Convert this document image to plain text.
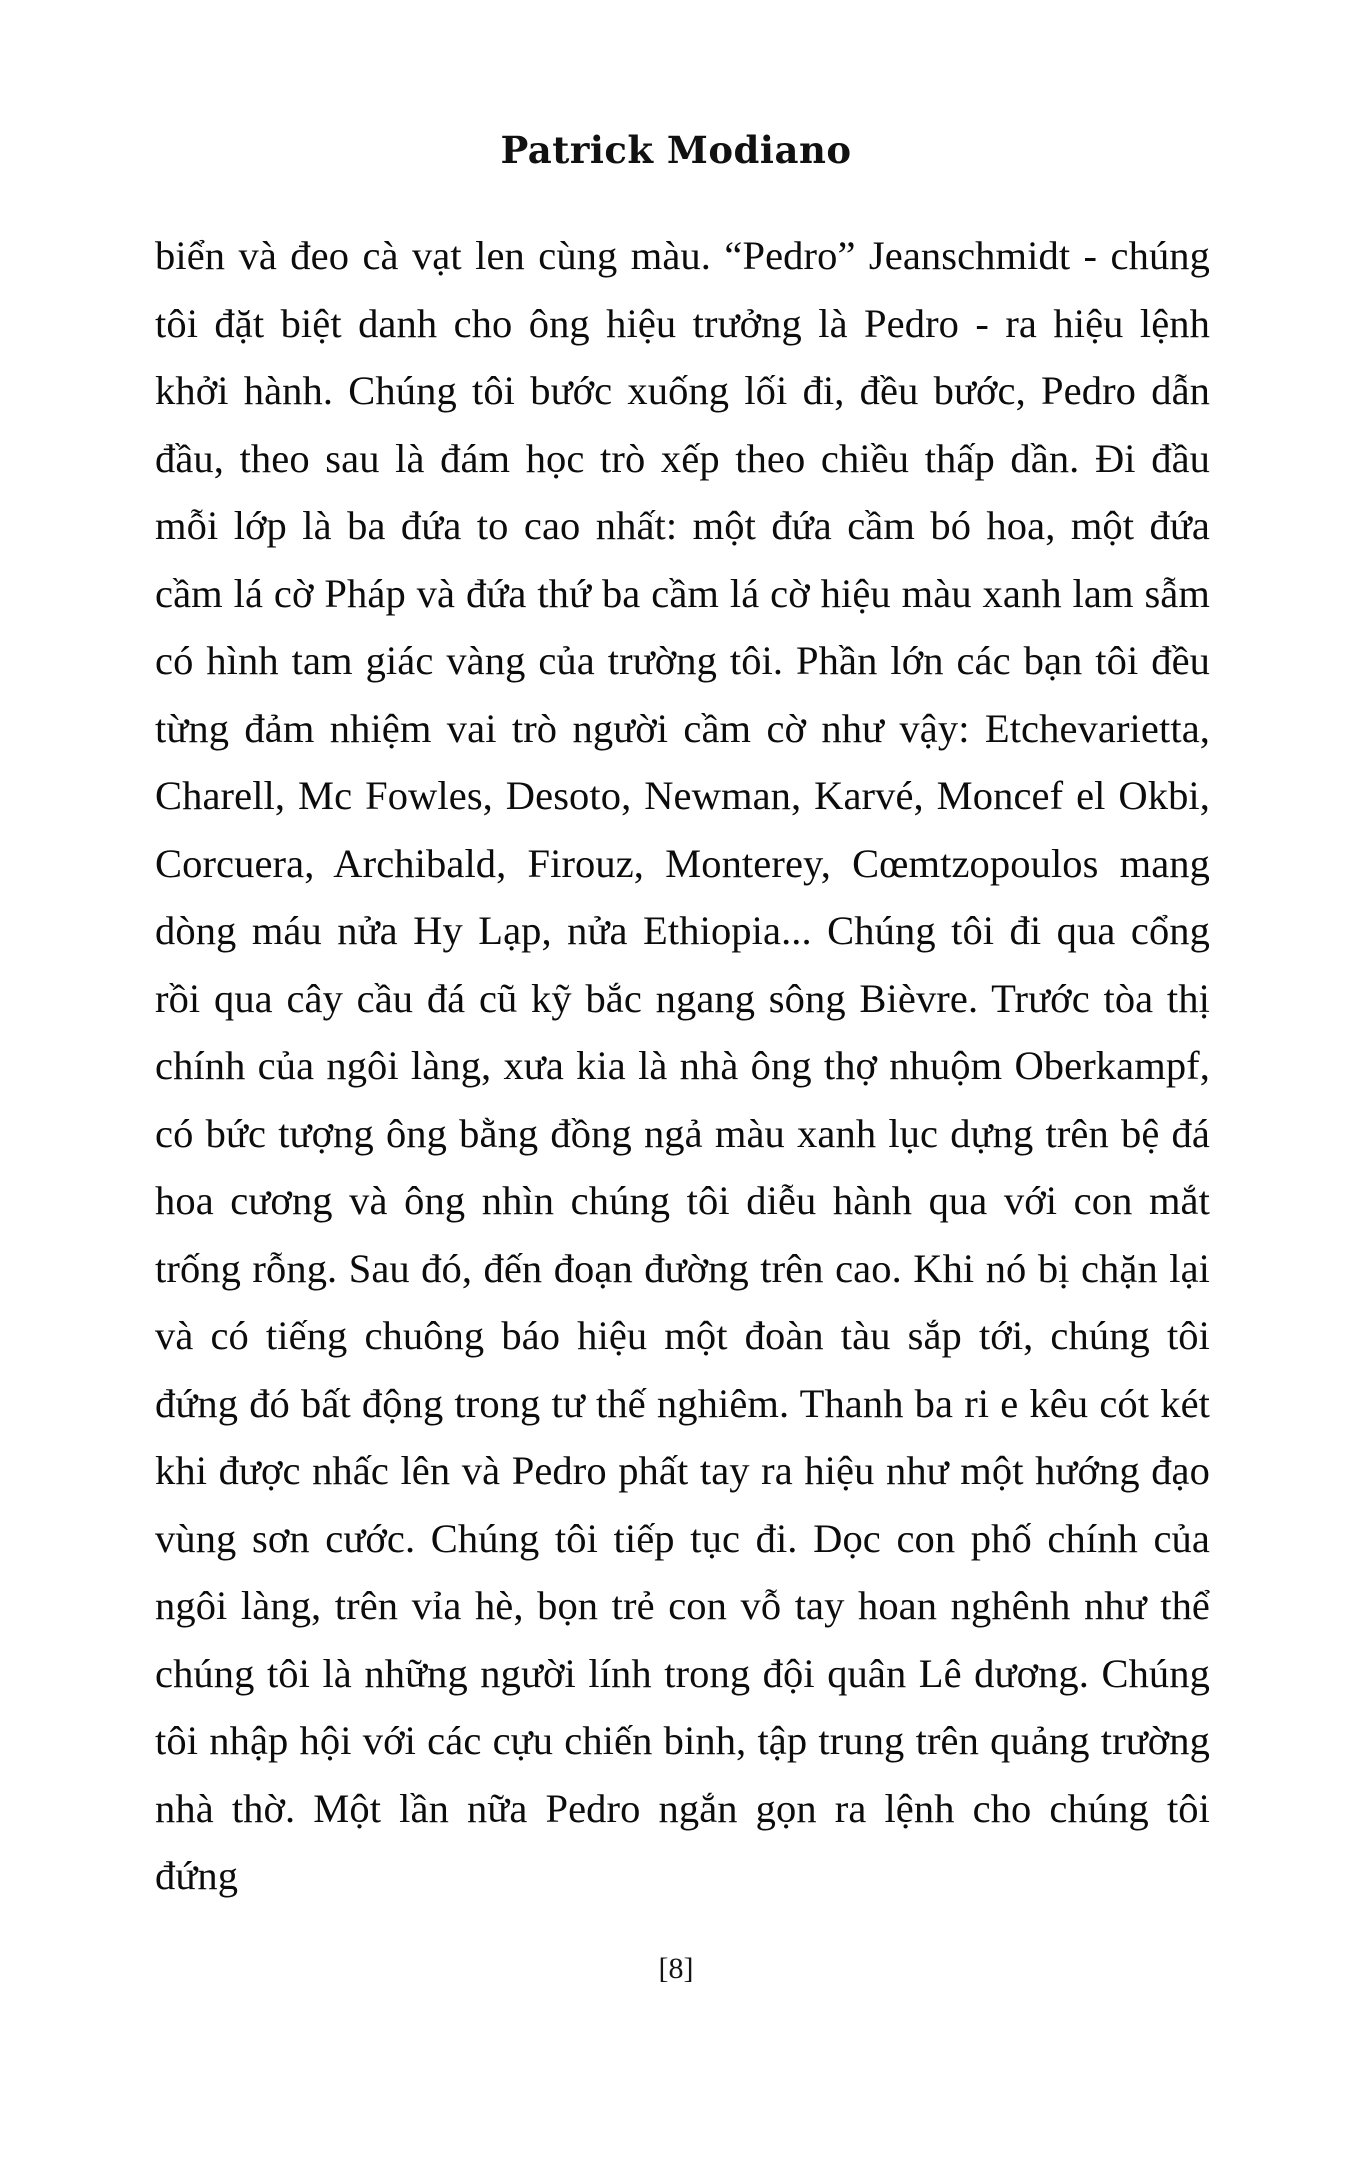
Patrick Modiano

biển và đeo cà vạt len cùng màu. “Pedro” Jeanschmidt - chúng tôi đặt biệt danh cho ông hiệu trưởng là Pedro - ra hiệu lệnh khởi hành. Chúng tôi bước xuống lối đi, đều bước, Pedro dẫn đầu, theo sau là đám học trò xếp theo chiều thấp dần. Đi đầu mỗi lớp là ba đứa to cao nhất: một đứa cầm bó hoa, một đứa cầm lá cờ Pháp và đứa thứ ba cầm lá cờ hiệu màu xanh lam sẫm có hình tam giác vàng của trường tôi. Phần lớn các bạn tôi đều từng đảm nhiệm vai trò người cầm cờ như vậy: Etchevarietta, Charell, Mc Fowles, Desoto, Newman, Karvé, Moncef el Okbi, Corcuera, Archibald, Firouz, Monterey, Cœmtzopoulos mang dòng máu nửa Hy Lạp, nửa Ethiopia... Chúng tôi đi qua cổng rồi qua cây cầu đá cũ kỹ bắc ngang sông Bièvre. Trước tòa thị chính của ngôi làng, xưa kia là nhà ông thợ nhuộm Oberkampf, có bức tượng ông bằng đồng ngả màu xanh lục dựng trên bệ đá hoa cương và ông nhìn chúng tôi diễu hành qua với con mắt trống rỗng. Sau đó, đến đoạn đường trên cao. Khi nó bị chặn lại và có tiếng chuông báo hiệu một đoàn tàu sắp tới, chúng tôi đứng đó bất động trong tư thế nghiêm. Thanh ba ri e kêu cót két khi được nhấc lên và Pedro phất tay ra hiệu như một hướng đạo vùng sơn cước. Chúng tôi tiếp tục đi. Dọc con phố chính của ngôi làng, trên vỉa hè, bọn trẻ con vỗ tay hoan nghênh như thể chúng tôi là những người lính trong đội quân Lê dương. Chúng tôi nhập hội với các cựu chiến binh, tập trung trên quảng trường nhà thờ. Một lần nữa Pedro ngắn gọn ra lệnh cho chúng tôi đứng

[8]
